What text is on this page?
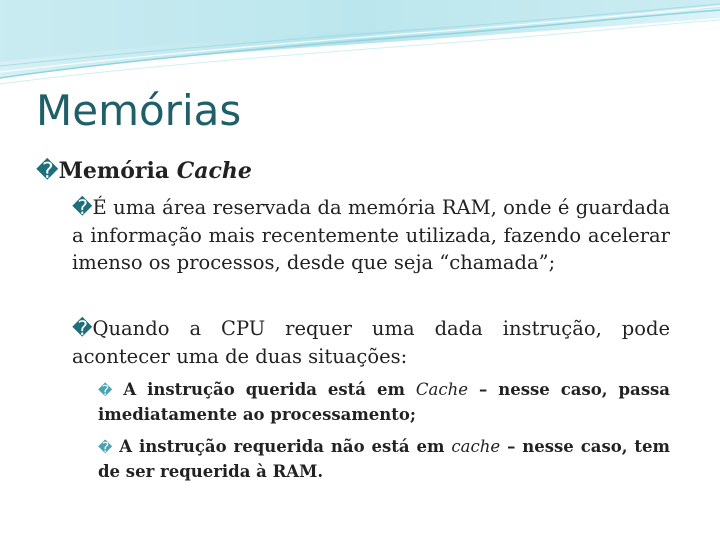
Memórias
�Memória Cache
�É uma área reservada da memória RAM, onde é guardada a informação mais recentemente utilizada, fazendo acelerar imenso os processos, desde que seja “chamada”;
�Quando a CPU requer uma dada instrução, pode acontecer uma de duas situações:
� A instrução querida está em Cache – nesse caso, passa imediatamente ao processamento;
� A instrução requerida não está em cache – nesse caso, tem de ser requerida à RAM.
